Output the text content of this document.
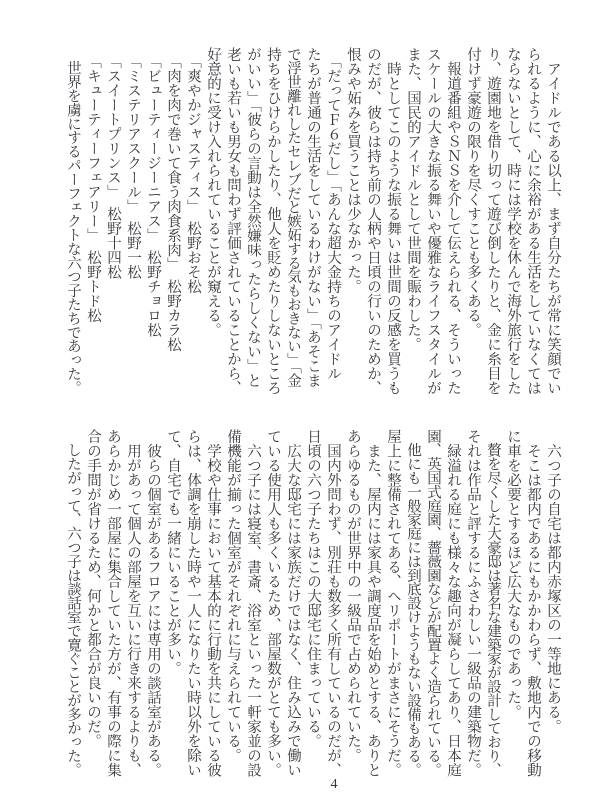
　アイドルである以上、まず自分たちが常に笑顔でい
られるように、心に余裕がある生活をしていなくては
ならないとして、時には学校を休んで海外旅行をした
り、遊園地を借り切って遊び倒したりと、金に糸目を
付けず豪遊の限りを尽くすことも多くある。
　報道番組やＳＮＳを介して伝えられる、そういった
スケールの大きな振る舞いや優雅なライフスタイルが
また、国民的アイドルとして世間を賑わした。
　時としてこのような振る舞いは世間の反感を買うも
のだが、彼らは持ち前の人柄や日頃の行いのためか、
恨みや妬みを買うことは少なかった。
　「だってＦ６だし」「あんな超大金持ちのアイドル
たちが普通の生活をしているわけがない」「あそこま
で浮世離れしたセレブだと嫉妬する気もおきない」「金
持ちをひけらかしたり、他人を貶めたりしないところ
がいい」「彼らの言動は全然嫌味ったらしくない」と
老いも若いも男女も問わず評価されていることから、
好意的に受け入れられていることが窺える。
　「爽やかジャスティス」　松野おそ松
　「肉を肉で巻いて食う肉食系肉」　松野カラ松
　「ビューティージーニアス」　松野チョロ松
　「ミステリアスクール」　松野一松
　「スイートプリンス」　松野十四松
　「キューティーフェアリー」　松野トド松
　世界を虜にするパーフェクトな六つ子たちであった。
　六つ子の自宅は都内赤塚区の一等地にある。
　そこは都内であるにもかかわらず、敷地内での移動
に車を必要とするほど広大なものであった。
　贅を尽くした大豪邸は著名な建築家が設計しており、
それは作品と評するにふさわしい一級品の建築物だ。
　緑溢れる庭にも様々な趣向が凝らしてあり、日本庭
園、英国式庭園、薔薇園などが配置よく造られている。
　他にも一般家庭には到底設けようもない設備もある。
屋上に整備されてある、ヘリポートがまさにそうだ。
　また、屋内には家具や調度品を始めとする、ありと
あらゆるものが世界中の一級品で占められていた。
　国内外問わず、別荘も数多く所有しているのだが、
日頃の六つ子たちはこの大邸宅に住まっている。
　広大な邸宅には家族だけではなく、住み込みで働い
ている使用人も多くいるため、部屋数がとても多い。
　六つ子には寝室、書斎、浴室といった一軒家並の設
備機能が揃った個室がそれぞれに与えられている。
　学校や仕事において基本的に行動を共にしている彼
らは、体調を崩した時や一人になりたい時以外を除い
て、自宅でも一緒にいることが多い。
　彼らの個室があるフロアには専用の談話室がある。
　用があって個人の部屋を互いに行き来するよりも、
あらかじめ一部屋に集合していた方が、有事の際に集
合の手間が省けるため、何かと都合が良いのだ。
　したがって、六つ子は談話室で寛ぐことが多かった。
4
